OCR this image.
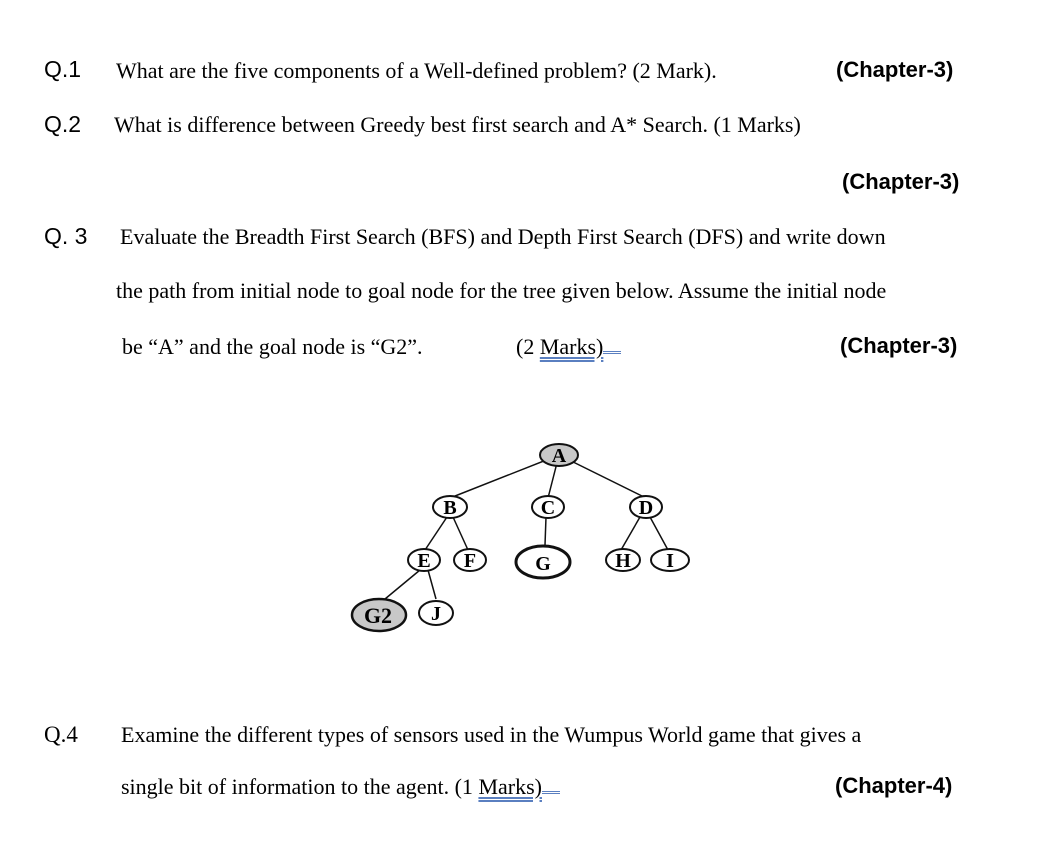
Q.1 What are the five components of a Well-defined problem? (2 Mark).	(Chapter-3)
Q.2 What is difference between Greedy best first search and A* Search. (1 Marks)
(Chapter-3)
Q. 3 Evaluate the Breadth First Search (BFS) and Depth First Search (DFS) and write down
the path from initial node to goal node for the tree given below. Assume the initial node
be “A” and the goal node is “G2”.	(2 Marks)	(Chapter-3)
A
B	C	D
E F	G	H I
G2 J
Q.4 Examine the different types of sensors used in the Wumpus World game that gives a
single bit of information to the agent. (1 Marks)	(Chapter-4)
